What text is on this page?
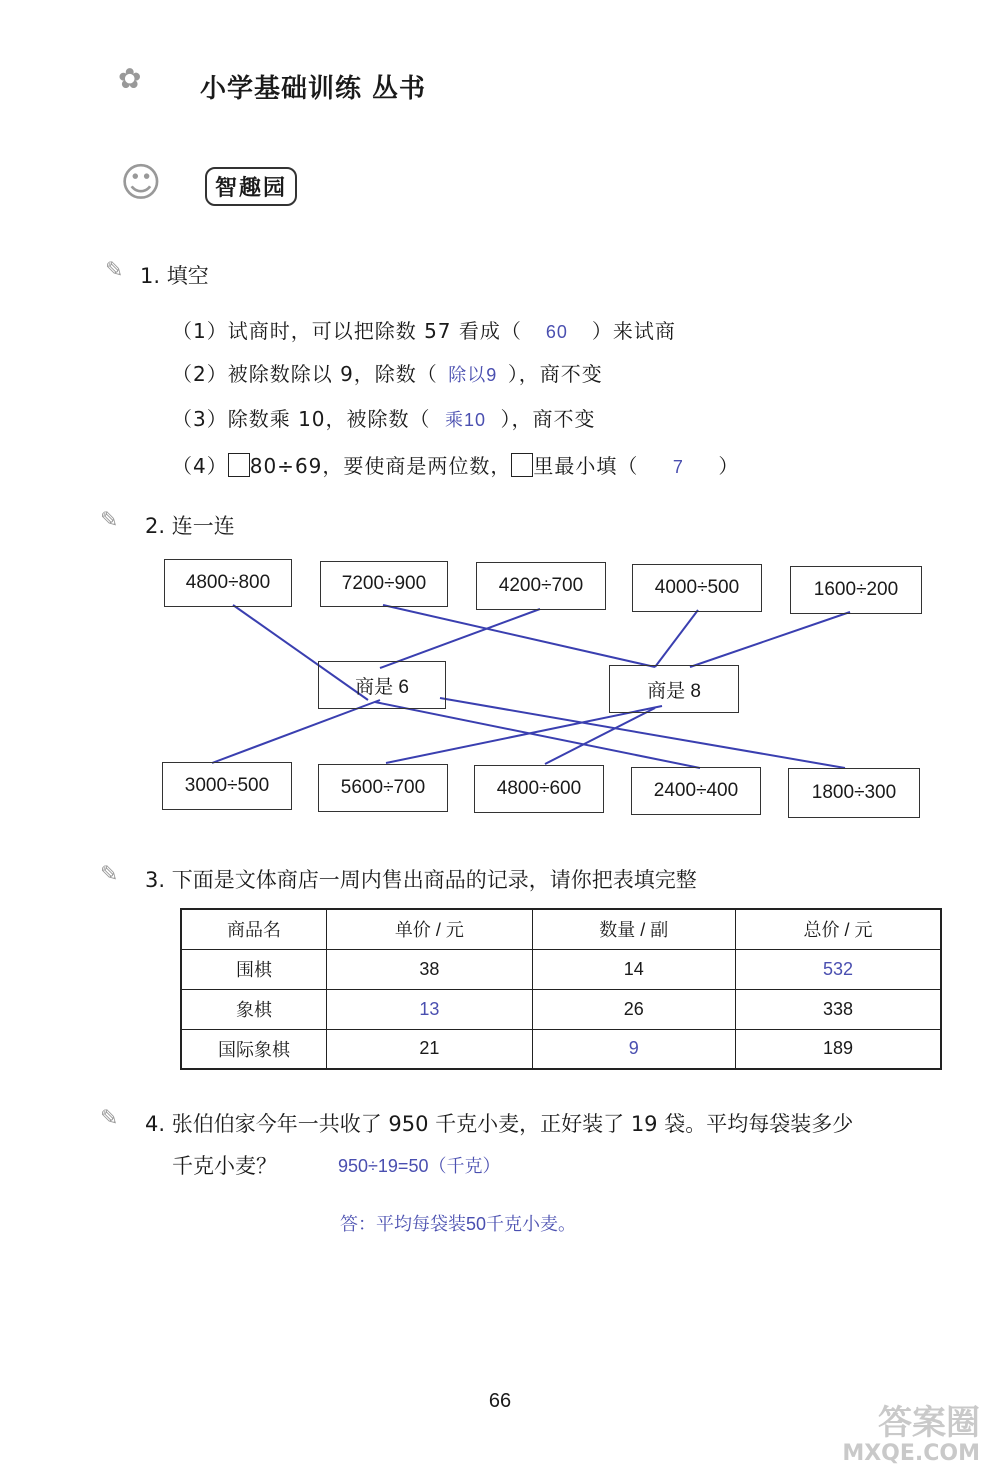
✿ 小学基础训练 丛书
☺	智趣园
✎ 1. 填空
（1）试商时，可以把除数 57 看成（ 60 ）来试商
（2）被除数除以 9，除数（ 除以9 ），商不变
（3）除数乘 10，被除数（ 乘10 ），商不变
（4） 80÷69，要使商是两位数， 里最小填（ 7 ）
✎ 2. 连一连
4800÷800	7200÷900	4200÷700	4000÷500	1600÷200
商是 6	商是 8
3000÷500	5600÷700	4800÷600	2400÷400	1800÷300
✎ 3. 下面是文体商店一周内售出商品的记录，请你把表填完整
商品名	单价 / 元	数量 / 副	总价 / 元
围棋	38	14	532
象棋	13	26	338
国际象棋	21	9	189
✎ 4. 张伯伯家今年一共收了 950 千克小麦，正好装了 19 袋。平均每袋装多少
千克小麦？	950÷19=50（千克）
答：平均每袋装50千克小麦。
66
答案圈
MXQE.COM
